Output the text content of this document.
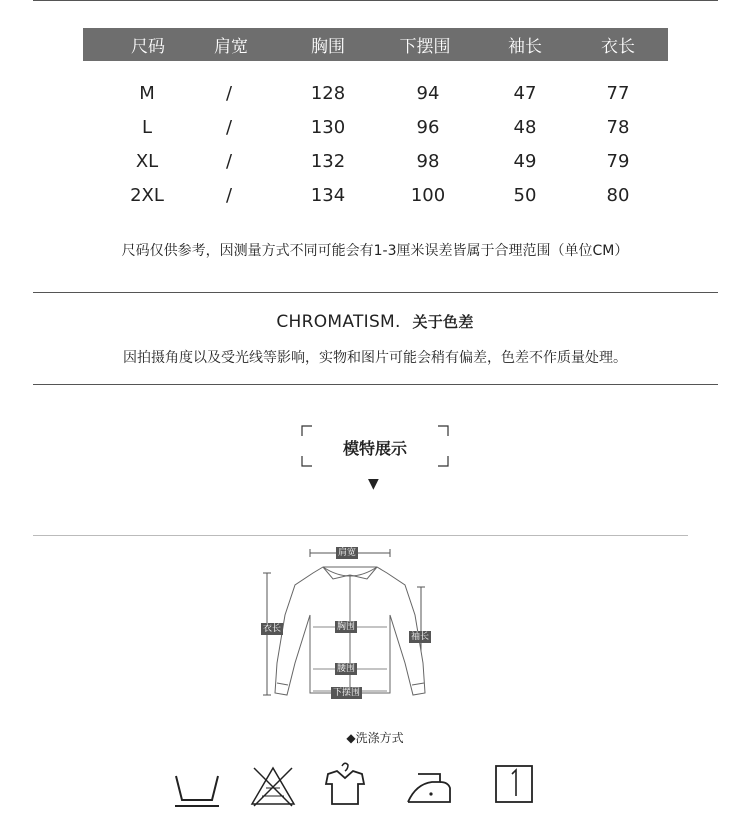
尺码	肩宽	胸围	下摆围	袖长	衣长
M	/	128	94	47	77
L	/	130	96	48	78
XL	/	132	98	49	79
2XL	/	134	100	50	80
尺码仅供参考，因测量方式不同可能会有1-3厘米误差皆属于合理范围（单位CM）
CHROMATISM. 关于色差
因拍摄角度以及受光线等影响，实物和图片可能会稍有偏差，色差不作质量处理。
模特展示
▼
肩宽
衣长	胸围
袖长
腰围
下摆围
◆洗涤方式
